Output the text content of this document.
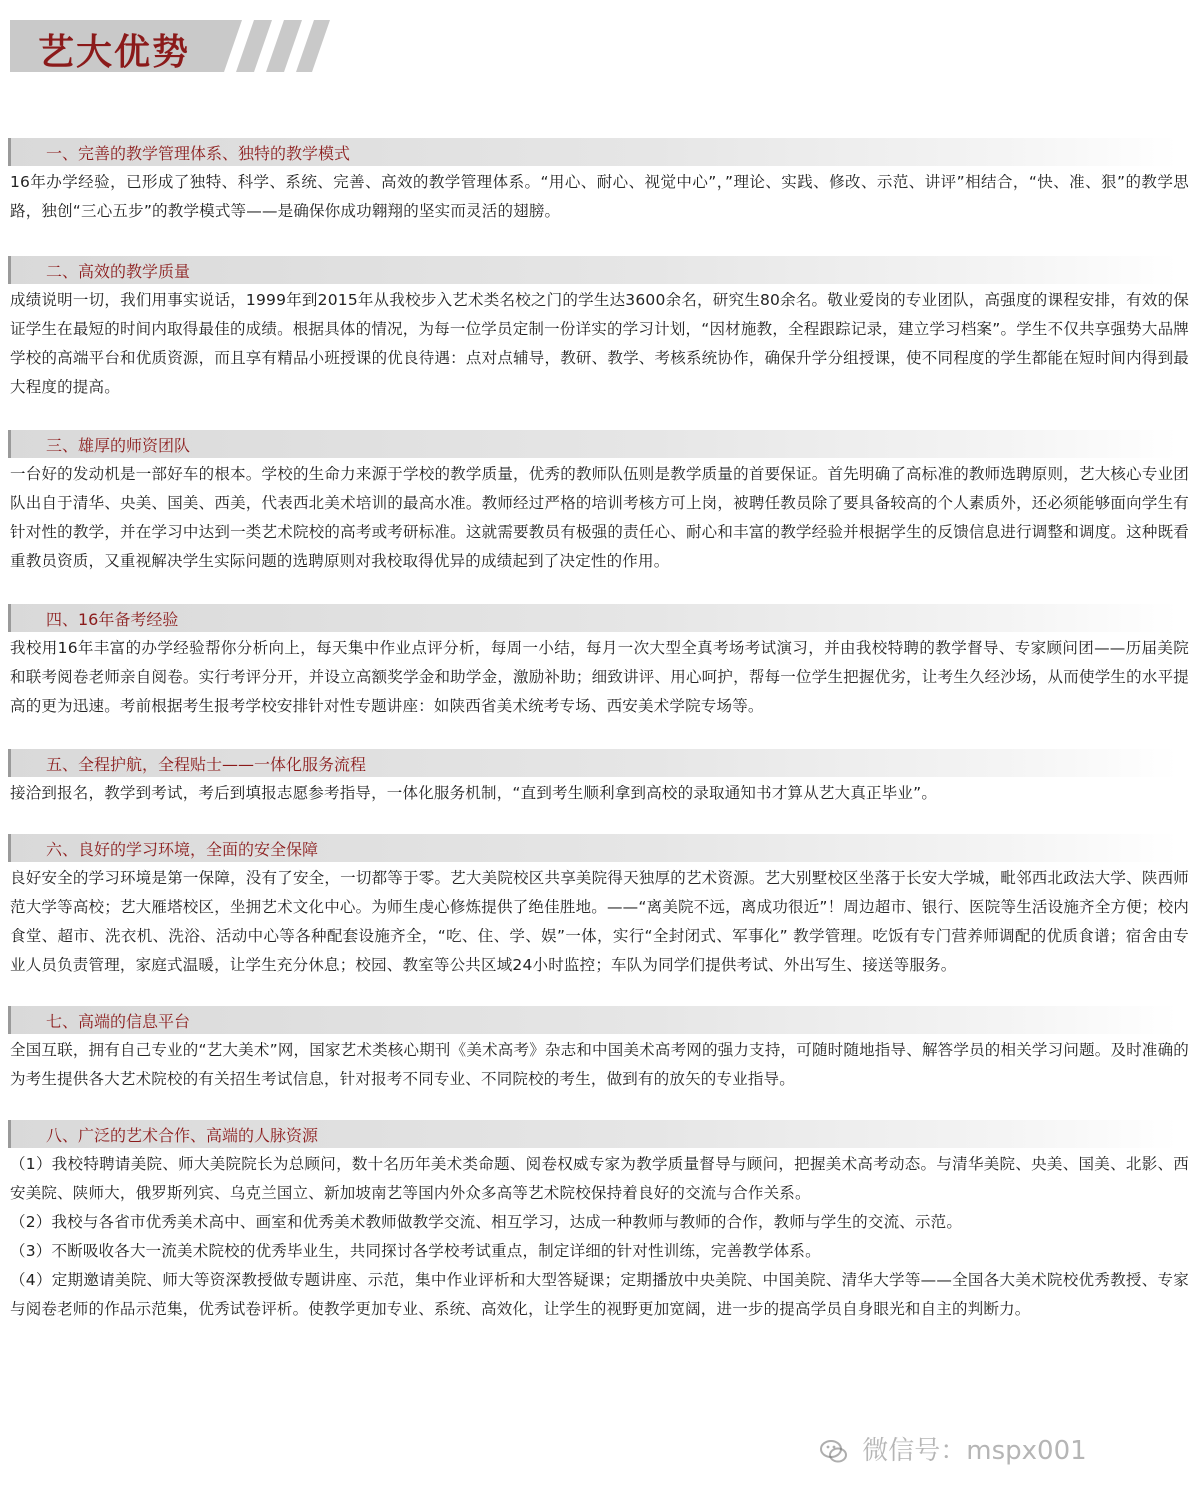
艺大优势
一、完善的教学管理体系、独特的教学模式

16年办学经验，已形成了独特、科学、系统、完善、高效的教学管理体系。“用心、耐心、视觉中心”，”理论、实践、修改、示范、讲评”相结合，“快、准、狠”的教学思路，独创“三心五步”的教学模式等——是确保你成功翱翔的坚实而灵活的翅膀。

二、高效的教学质量

成绩说明一切，我们用事实说话，1999年到2015年从我校步入艺术类名校之门的学生达3600余名，研究生80余名。敬业爱岗的专业团队，高强度的课程安排，有效的保证学生在最短的时间内取得最佳的成绩。根据具体的情况，为每一位学员定制一份详实的学习计划，“因材施教，全程跟踪记录，建立学习档案”。学生不仅共享强势大品牌学校的高端平台和优质资源，而且享有精品小班授课的优良待遇：点对点辅导，教研、教学、考核系统协作，确保升学分组授课，使不同程度的学生都能在短时间内得到最大程度的提高。

三、雄厚的师资团队

一台好的发动机是一部好车的根本。学校的生命力来源于学校的教学质量，优秀的教师队伍则是教学质量的首要保证。首先明确了高标准的教师选聘原则，艺大核心专业团队出自于清华、央美、国美、西美，代表西北美术培训的最高水准。教师经过严格的培训考核方可上岗，被聘任教员除了要具备较高的个人素质外，还必须能够面向学生有针对性的教学，并在学习中达到一类艺术院校的高考或考研标准。这就需要教员有极强的责任心、耐心和丰富的教学经验并根据学生的反馈信息进行调整和调度。这种既看重教员资质，又重视解决学生实际问题的选聘原则对我校取得优异的成绩起到了决定性的作用。

四、16年备考经验

我校用16年丰富的办学经验帮你分析向上，每天集中作业点评分析，每周一小结，每月一次大型全真考场考试演习，并由我校特聘的教学督导、专家顾问团——历届美院和联考阅卷老师亲自阅卷。实行考评分开，并设立高额奖学金和助学金，激励补助；细致讲评、用心呵护，帮每一位学生把握优劣，让考生久经沙场，从而使学生的水平提高的更为迅速。考前根据考生报考学校安排针对性专题讲座：如陕西省美术统考专场、西安美术学院专场等。

五、全程护航，全程贴士——一体化服务流程

接洽到报名，教学到考试，考后到填报志愿参考指导，一体化服务机制，“直到考生顺利拿到高校的录取通知书才算从艺大真正毕业”。

六、良好的学习环境，全面的安全保障

良好安全的学习环境是第一保障，没有了安全，一切都等于零。艺大美院校区共享美院得天独厚的艺术资源。艺大别墅校区坐落于长安大学城，毗邻西北政法大学、陕西师范大学等高校；艺大雁塔校区，坐拥艺术文化中心。为师生虔心修炼提供了绝佳胜地。——“离美院不远，离成功很近”！周边超市、银行、医院等生活设施齐全方便；校内食堂、超市、洗衣机、洗浴、活动中心等各种配套设施齐全，“吃、住、学、娱”一体，实行“全封闭式、军事化” 教学管理。吃饭有专门营养师调配的优质食谱；宿舍由专业人员负责管理，家庭式温暖，让学生充分休息；校园、教室等公共区域24小时监控；车队为同学们提供考试、外出写生、接送等服务。

七、高端的信息平台

全国互联，拥有自己专业的“艺大美术”网，国家艺术类核心期刊《美术高考》杂志和中国美术高考网的强力支持，可随时随地指导、解答学员的相关学习问题。及时准确的为考生提供各大艺术院校的有关招生考试信息，针对报考不同专业、不同院校的考生，做到有的放矢的专业指导。

八、广泛的艺术合作、高端的人脉资源

（1）我校特聘请美院、师大美院院长为总顾问，数十名历年美术类命题、阅卷权威专家为教学质量督导与顾问，把握美术高考动态。与清华美院、央美、国美、北影、西安美院、陕师大，俄罗斯列宾、乌克兰国立、新加坡南艺等国内外众多高等艺术院校保持着良好的交流与合作关系。

（2）我校与各省市优秀美术高中、画室和优秀美术教师做教学交流、相互学习，达成一种教师与教师的合作，教师与学生的交流、示范。

（3）不断吸收各大一流美术院校的优秀毕业生，共同探讨各学校考试重点，制定详细的针对性训练，完善教学体系。

（4）定期邀请美院、师大等资深教授做专题讲座、示范，集中作业评析和大型答疑课；定期播放中央美院、中国美院、清华大学等——全国各大美术院校优秀教授、专家与阅卷老师的作品示范集，优秀试卷评析。使教学更加专业、系统、高效化，让学生的视野更加宽阔，进一步的提高学员自身眼光和自主的判断力。

微信号：mspx001
